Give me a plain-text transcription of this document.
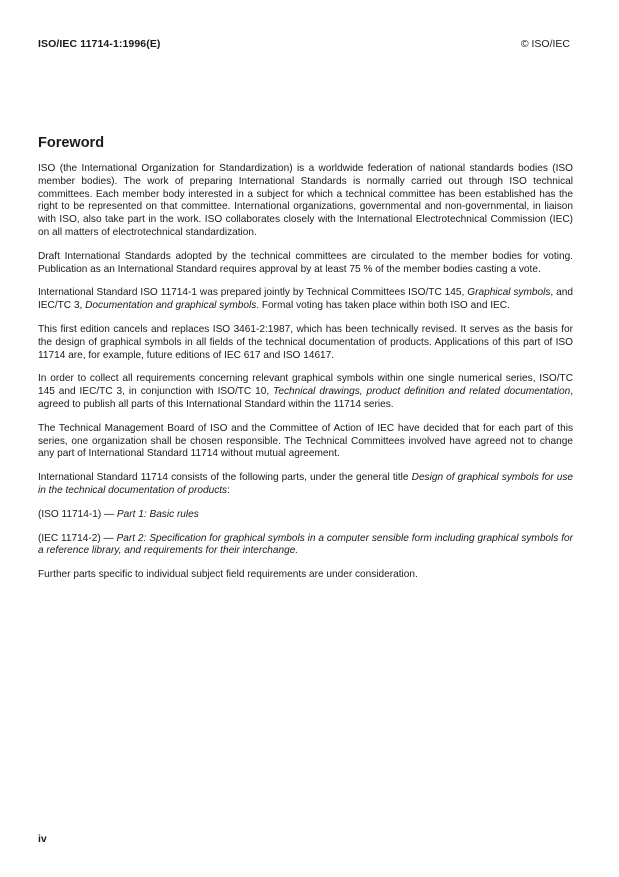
ISO/IEC 11714-1:1996(E)	© ISO/IEC
Foreword

ISO (the International Organization for Standardization) is a worldwide federation of national standards bodies (ISO member bodies). The work of preparing International Standards is normally carried out through ISO technical committees. Each member body interested in a subject for which a technical committee has been established has the right to be represented on that committee. International organizations, governmental and non-governmental, in liaison with ISO, also take part in the work. ISO collaborates closely with the International Electrotechnical Commission (IEC) on all matters of electrotechnical standardization.

Draft International Standards adopted by the technical committees are circulated to the member bodies for voting. Publication as an International Standard requires approval by at least 75 % of the member bodies casting a vote.

International Standard ISO 11714-1 was prepared jointly by Technical Committees ISO/TC 145, Graphical symbols, and IEC/TC 3, Documentation and graphical symbols. Formal voting has taken place within both ISO and IEC.

This first edition cancels and replaces ISO 3461-2:1987, which has been technically revised. It serves as the basis for the design of graphical symbols in all fields of the technical documentation of products. Applications of this part of ISO 11714 are, for example, future editions of IEC 617 and ISO 14617.

In order to collect all requirements concerning relevant graphical symbols within one single numerical series, ISO/TC 145 and IEC/TC 3, in conjunction with ISO/TC 10, Technical drawings, product definition and related documentation, agreed to publish all parts of this International Standard within the 11714 series.

The Technical Management Board of ISO and the Committee of Action of IEC have decided that for each part of this series, one organization shall be chosen responsible. The Technical Committees involved have agreed not to change any part of International Standard 11714 without mutual agreement.

International Standard 11714 consists of the following parts, under the general title Design of graphical symbols for use in the technical documentation of products:

(ISO 11714-1) — Part 1: Basic rules

(IEC 11714-2) — Part 2: Specification for graphical symbols in a computer sensible form including graphical symbols for a reference library, and requirements for their interchange.

Further parts specific to individual subject field requirements are under consideration.

iv
